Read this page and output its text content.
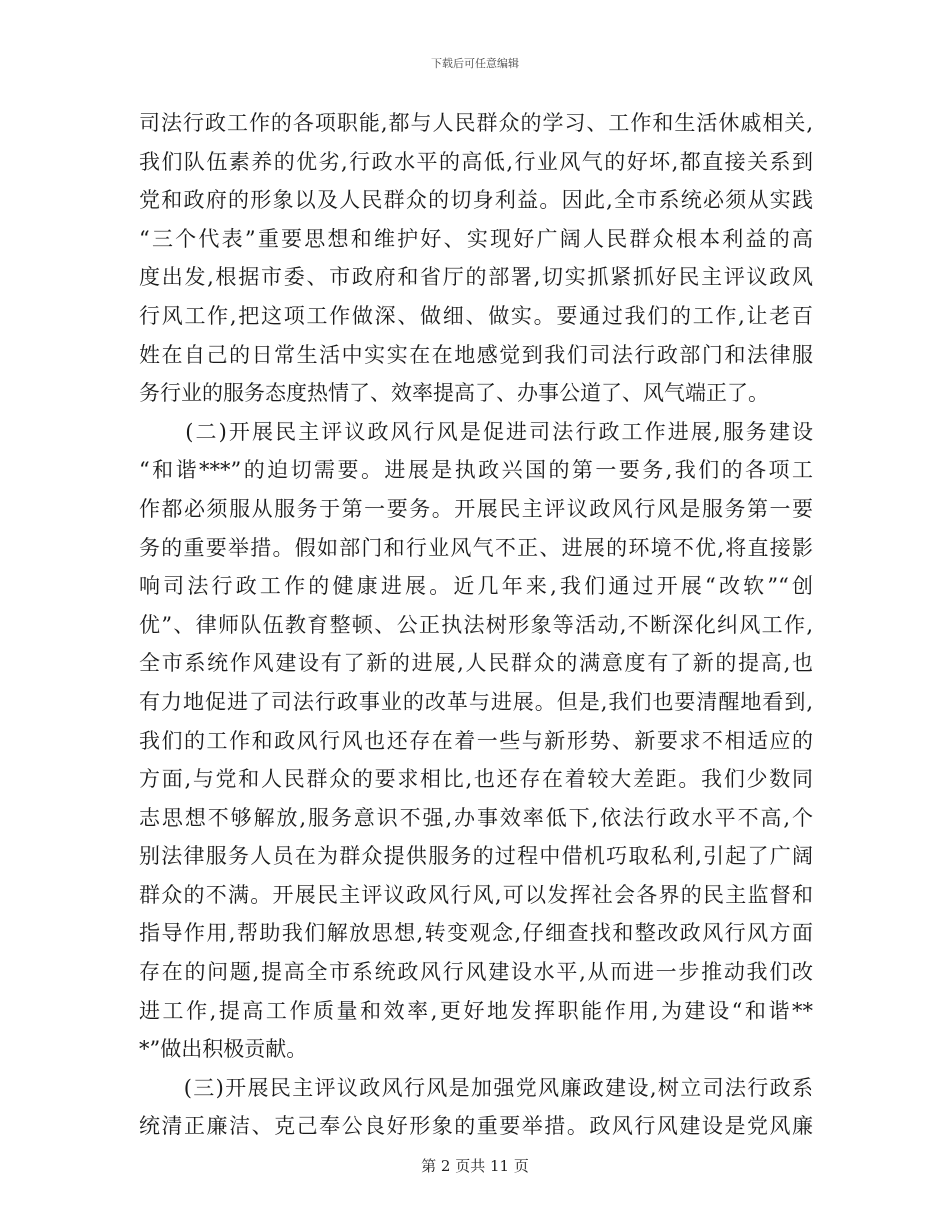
下载后可任意编辑
司法行政工作的各项职能,都与人民群众的学习、工作和生活休戚相关,
我们队伍素养的优劣,行政水平的高低,行业风气的好坏,都直接关系到
党和政府的形象以及人民群众的切身利益。因此,全市系统必须从实践
“三个代表”重要思想和维护好、实现好广阔人民群众根本利益的高
度出发,根据市委、市政府和省厅的部署,切实抓紧抓好民主评议政风
行风工作,把这项工作做深、做细、做实。要通过我们的工作,让老百
姓在自己的日常生活中实实在在地感觉到我们司法行政部门和法律服
务行业的服务态度热情了、效率提高了、办事公道了、风气端正了。
　　(二)开展民主评议政风行风是促进司法行政工作进展,服务建设
“和谐***”的迫切需要。进展是执政兴国的第一要务,我们的各项工
作都必须服从服务于第一要务。开展民主评议政风行风是服务第一要
务的重要举措。假如部门和行业风气不正、进展的环境不优,将直接影
响司法行政工作的健康进展。近几年来,我们通过开展“改软”“创
优”、律师队伍教育整顿、公正执法树形象等活动,不断深化纠风工作,
全市系统作风建设有了新的进展,人民群众的满意度有了新的提高,也
有力地促进了司法行政事业的改革与进展。但是,我们也要清醒地看到,
我们的工作和政风行风也还存在着一些与新形势、新要求不相适应的
方面,与党和人民群众的要求相比,也还存在着较大差距。我们少数同
志思想不够解放,服务意识不强,办事效率低下,依法行政水平不高,个
别法律服务人员在为群众提供服务的过程中借机巧取私利,引起了广阔
群众的不满。开展民主评议政风行风,可以发挥社会各界的民主监督和
指导作用,帮助我们解放思想,转变观念,仔细查找和整改政风行风方面
存在的问题,提高全市系统政风行风建设水平,从而进一步推动我们改
进工作,提高工作质量和效率,更好地发挥职能作用,为建设“和谐**
*”做出积极贡献。
　　(三)开展民主评议政风行风是加强党风廉政建设,树立司法行政系
统清正廉洁、克己奉公良好形象的重要举措。政风行风建设是党风廉
第 2 页共 11 页
